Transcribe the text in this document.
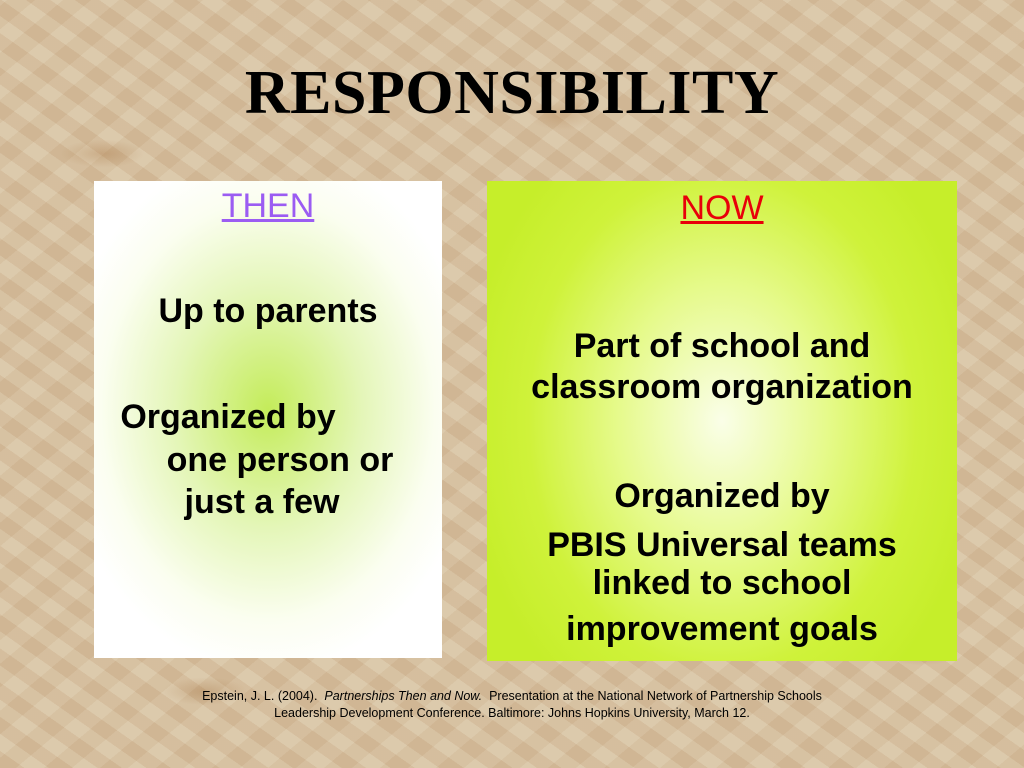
RESPONSIBILITY
THEN
Up to parents
Organized by
one person or
just a few
NOW
Part of school and
classroom organization
Organized by
PBIS Universal teams
linked to school
improvement goals
Epstein, J. L. (2004). Partnerships Then and Now. Presentation at the National Network of Partnership Schools
Leadership Development Conference. Baltimore: Johns Hopkins University, March 12.
